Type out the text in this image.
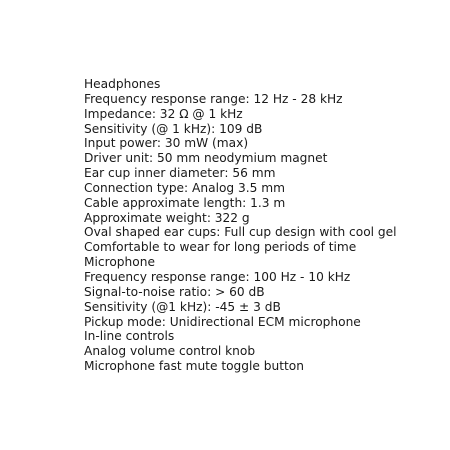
Headphones
Frequency response range: 12 Hz - 28 kHz
Impedance: 32 Ω @ 1 kHz
Sensitivity (@ 1 kHz): 109 dB
Input power: 30 mW (max)
Driver unit: 50 mm neodymium magnet
Ear cup inner diameter: 56 mm
Connection type: Analog 3.5 mm
Cable approximate length: 1.3 m
Approximate weight: 322 g
Oval shaped ear cups: Full cup design with cool gel
Comfortable to wear for long periods of time
Microphone
Frequency response range: 100 Hz - 10 kHz
Signal-to-noise ratio: > 60 dB
Sensitivity (@1 kHz): -45 ± 3 dB
Pickup mode: Unidirectional ECM microphone
In-line controls
Analog volume control knob
Microphone fast mute toggle button
